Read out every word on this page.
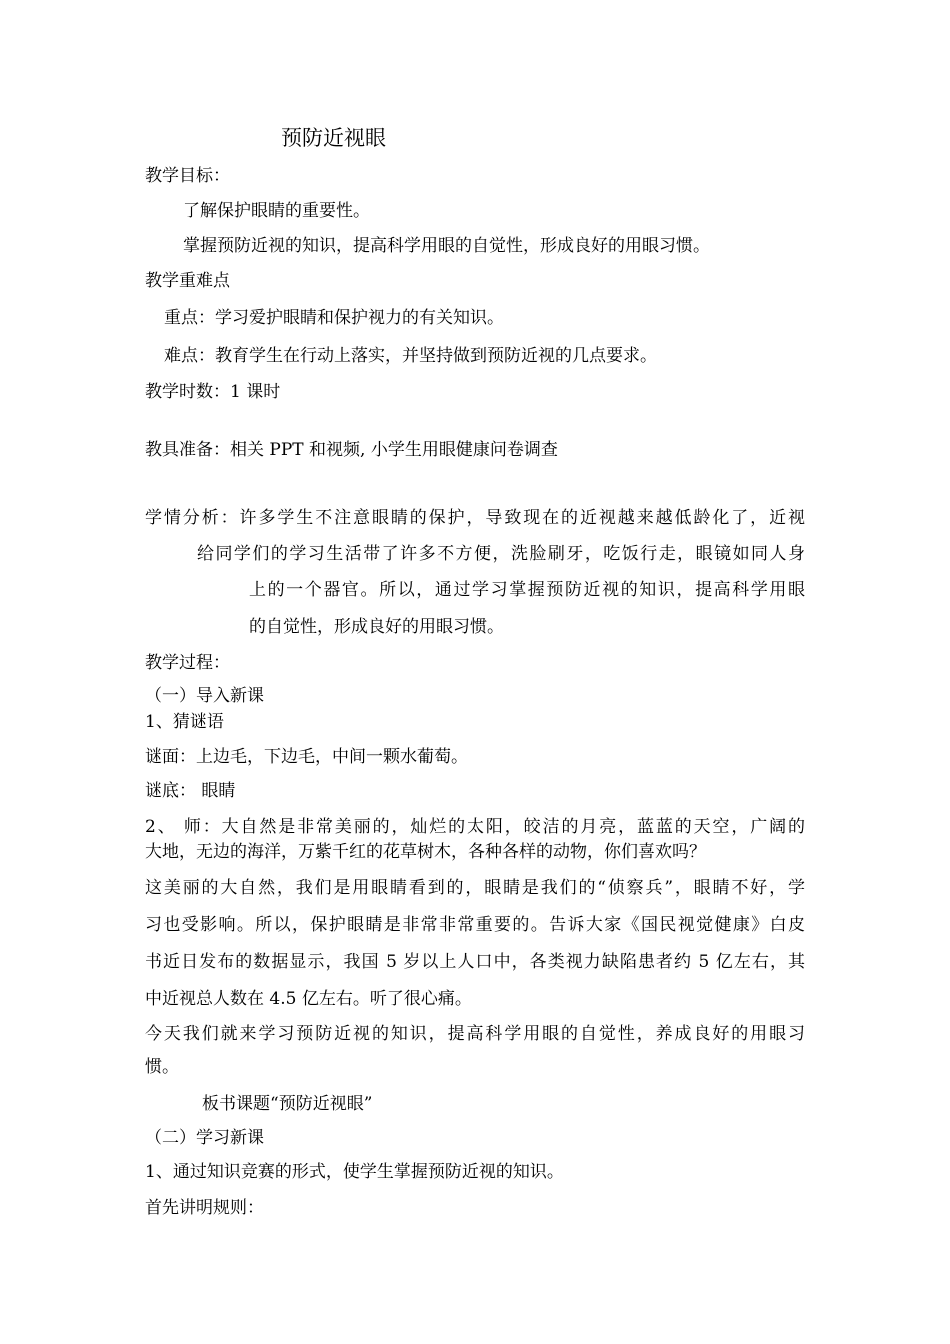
预防近视眼

教学目标：

了解保护眼睛的重要性。

掌握预防近视的知识，提高科学用眼的自觉性，形成良好的用眼习惯。

教学重难点

重点：学习爱护眼睛和保护视力的有关知识。

难点：教育学生在行动上落实，并坚持做到预防近视的几点要求。

教学时数：1 课时

教具准备：相关 PPT 和视频, 小学生用眼健康问卷调查

学情分析：许多学生不注意眼睛的保护，导致现在的近视越来越低龄化了，近视

给同学们的学习生活带了许多不方便，洗脸刷牙，吃饭行走，眼镜如同人身

上的一个器官。所以，通过学习掌握预防近视的知识，提高科学用眼

的自觉性，形成良好的用眼习惯。

教学过程：

（一）导入新课

1、猜谜语

谜面：上边毛，下边毛，中间一颗水葡萄。

谜底： 眼睛

2、 师：大自然是非常美丽的，灿烂的太阳，皎洁的月亮，蓝蓝的天空，广阔的

大地，无边的海洋，万紫千红的花草树木，各种各样的动物，你们喜欢吗？

这美丽的大自然，我们是用眼睛看到的，眼睛是我们的“侦察兵”，眼睛不好，学

习也受影响。所以，保护眼睛是非常非常重要的。告诉大家《国民视觉健康》白皮

书近日发布的数据显示，我国 5 岁以上人口中，各类视力缺陷患者约 5 亿左右，其

中近视总人数在 4.5 亿左右。听了很心痛。

今天我们就来学习预防近视的知识，提高科学用眼的自觉性，养成良好的用眼习

惯。

板书课题“预防近视眼”

（二）学习新课

1、通过知识竞赛的形式，使学生掌握预防近视的知识。

首先讲明规则：
